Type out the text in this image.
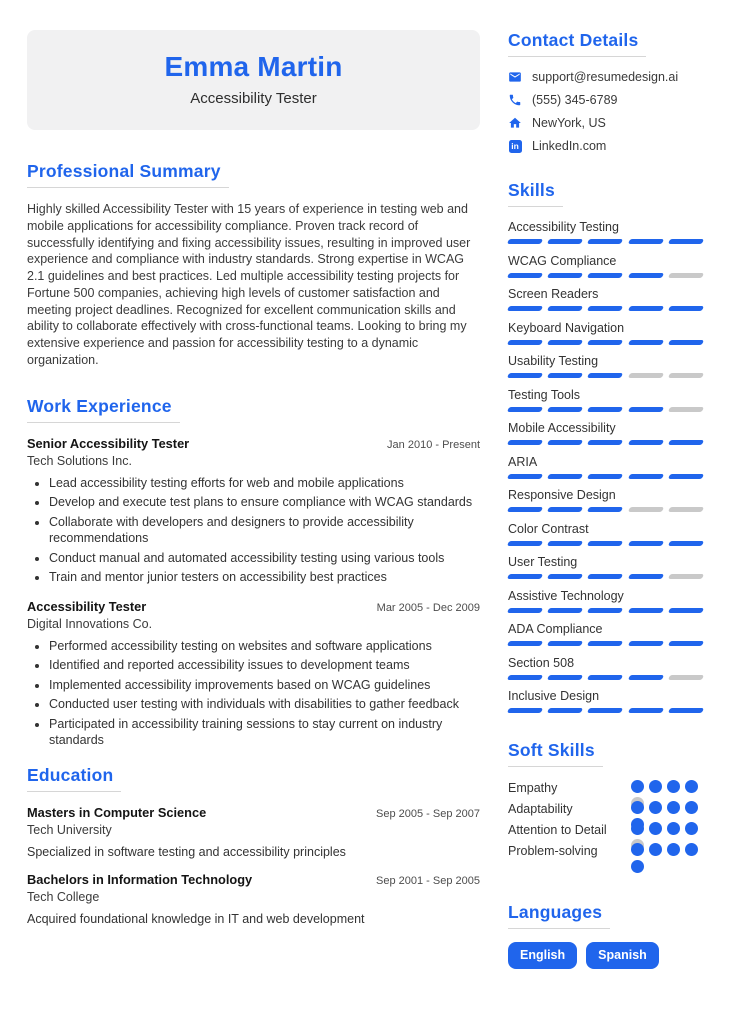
Emma Martin
Accessibility Tester
Professional Summary

Highly skilled Accessibility Tester with 15 years of experience in testing web and mobile applications for accessibility compliance. Proven track record of successfully identifying and fixing accessibility issues, resulting in improved user experience and compliance with industry standards. Strong expertise in WCAG 2.1 guidelines and best practices. Led multiple accessibility testing projects for Fortune 500 companies, achieving high levels of customer satisfaction and meeting project deadlines. Recognized for excellent communication skills and ability to collaborate effectively with cross-functional teams. Looking to bring my extensive experience and passion for accessibility testing to a dynamic organization.

Work Experience
Senior Accessibility Tester	Jan 2010 - Present
Tech Solutions Inc.
• Lead accessibility testing efforts for web and mobile applications
• Develop and execute test plans to ensure compliance with WCAG standards
• Collaborate with developers and designers to provide accessibility recommendations
• Conduct manual and automated accessibility testing using various tools
• Train and mentor junior testers on accessibility best practices
Accessibility Tester	Mar 2005 - Dec 2009
Digital Innovations Co.
• Performed accessibility testing on websites and software applications
• Identified and reported accessibility issues to development teams
• Implemented accessibility improvements based on WCAG guidelines
• Conducted user testing with individuals with disabilities to gather feedback
• Participated in accessibility training sessions to stay current on industry standards
Education
Masters in Computer Science	Sep 2005 - Sep 2007
Tech University
Specialized in software testing and accessibility principles
Bachelors in Information Technology	Sep 2001 - Sep 2005
Tech College
Acquired foundational knowledge in IT and web development
Contact Details
support@resumedesign.ai
(555) 345-6789
NewYork, US
in LinkedIn.com
Skills
Accessibility Testing
WCAG Compliance
Screen Readers
Keyboard Navigation
Usability Testing
Testing Tools
Mobile Accessibility
ARIA
Responsive Design
Color Contrast
User Testing
Assistive Technology
ADA Compliance
Section 508
Inclusive Design
Soft Skills
Empathy
Adaptability
Attention to Detail
Problem-solving
Languages
English	Spanish
